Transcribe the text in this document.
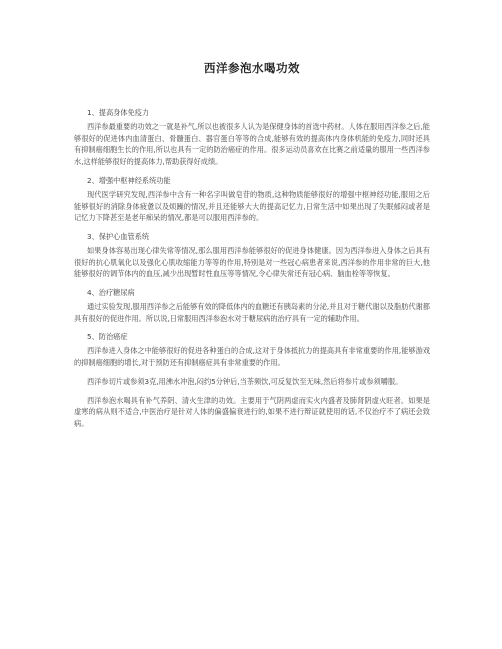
西洋参泡水喝功效
1、提高身体免疫力

西洋参最重要的功效之一就是补气,所以也被很多人认为是保健身体的首选中药材。人体在服用西洋参之后,能够很好的促进体内血清蛋白、骨髓蛋白、器官蛋白等等的合成,能够有效的提高体内身体机能的免疫力,同时还具有抑制癌细胞生长的作用,所以也具有一定的防治癌症的作用。很多运动员喜欢在比赛之前适量的服用一些西洋参水,这样能够很好的提高体力,帮助获得好成绩。

2、增强中枢神经系统功能

现代医学研究发现,西洋参中含有一种名字叫做皂苷的物质,这种物质能够很好的增强中枢神经功能,服用之后能够很好的消除身体疲惫以及烦躁的情况,并且还能够大大的提高记忆力,日常生活中如果出现了失眠郁闷或者是记忆力下降甚至是老年痴呆的情况,都是可以服用西洋参的。

3、保护心血管系统

如果身体容易出现心律失常等情况,那么服用西洋参能够很好的促进身体健康。因为西洋参进入身体之后具有很好的抗心肌氧化以及强化心肌收缩能力等等的作用,特别是对一些冠心病患者来说,西洋参的作用非常的巨大,他能够很好的调节体内的血压,减少出现暂时性血压等等情况,令心律失常还有冠心病、脑血栓等等恢复。

4、治疗糖尿病

通过实验发现,服用西洋参之后能够有效的降低体内的血糖还有胰岛素的分泌,并且对于糖代谢以及脂肪代谢都具有很好的促进作用。所以说,日常服用西洋参泡水对于糖尿病的治疗具有一定的辅助作用。

5、防治癌症

西洋参进入身体之中能够很好的促进各种蛋白的合成,这对于身体抵抗力的提高具有非常重要的作用,能够游戏的抑制癌细胞的增长,对于预防还有抑制癌症具有非常重要的作用。

西洋参切片或参须3克,用沸水冲泡,闷约5分钟后,当茶频饮,可反复饮至无味,然后将参片或参须嚼服。

西洋参泡水喝具有补气养阴、清火生津的功效。主要用于气阴两虚而实火内盛者及肺肾阴虚火旺者。如果是虚寒的病从则不适合,中医治疗是针对人体的偏盛偏衰进行的,如果不进行辩证就使用的话,不仅治疗不了病还会致病。
